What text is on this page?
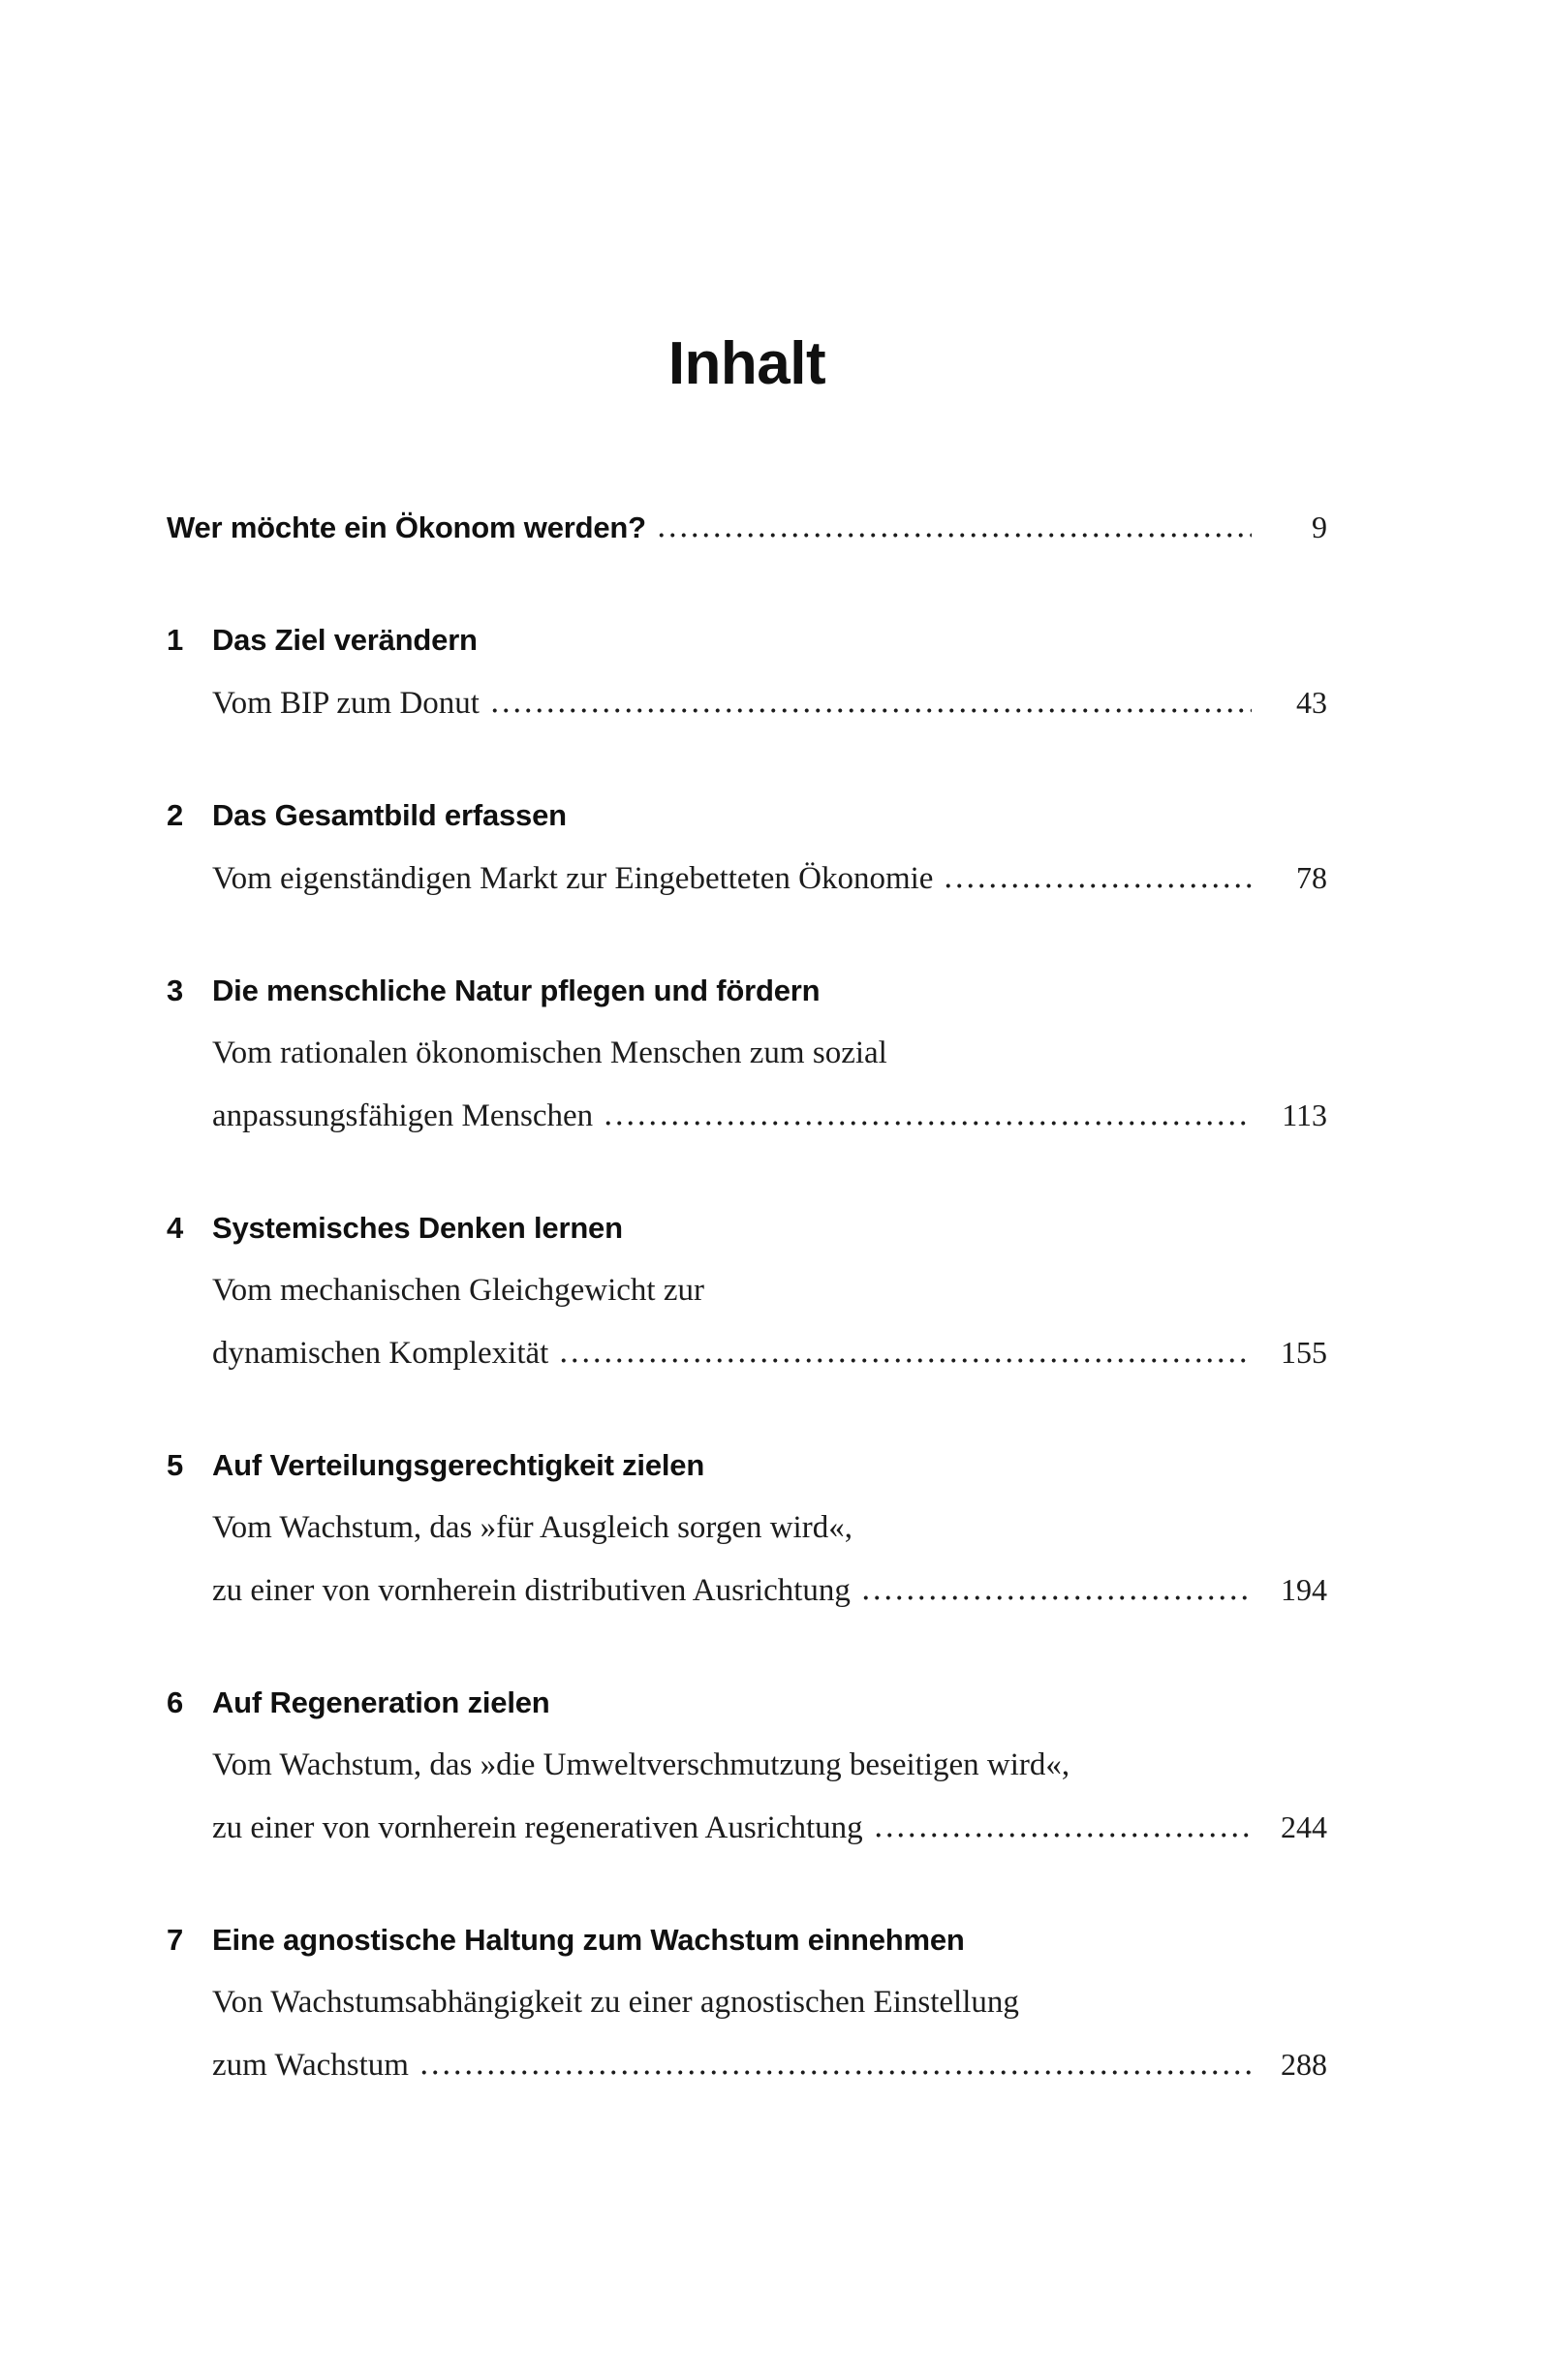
Inhalt
Wer möchte ein Ökonom werden?	9
1 Das Ziel verändern
Vom BIP zum Donut	43
2 Das Gesamtbild erfassen
Vom eigenständigen Markt zur Eingebetteten Ökonomie	78
3 Die menschliche Natur pflegen und fördern
Vom rationalen ökonomischen Menschen zum sozial
anpassungsfähigen Menschen	113
4 Systemisches Denken lernen
Vom mechanischen Gleichgewicht zur
dynamischen Komplexität	155
5 Auf Verteilungsgerechtigkeit zielen
Vom Wachstum, das »für Ausgleich sorgen wird«,
zu einer von vornherein distributiven Ausrichtung	194
6 Auf Regeneration zielen
Vom Wachstum, das »die Umweltverschmutzung beseitigen wird«,
zu einer von vornherein regenerativen Ausrichtung	244
7 Eine agnostische Haltung zum Wachstum einnehmen
Von Wachstumsabhängigkeit zu einer agnostischen Einstellung
zum Wachstum	288
